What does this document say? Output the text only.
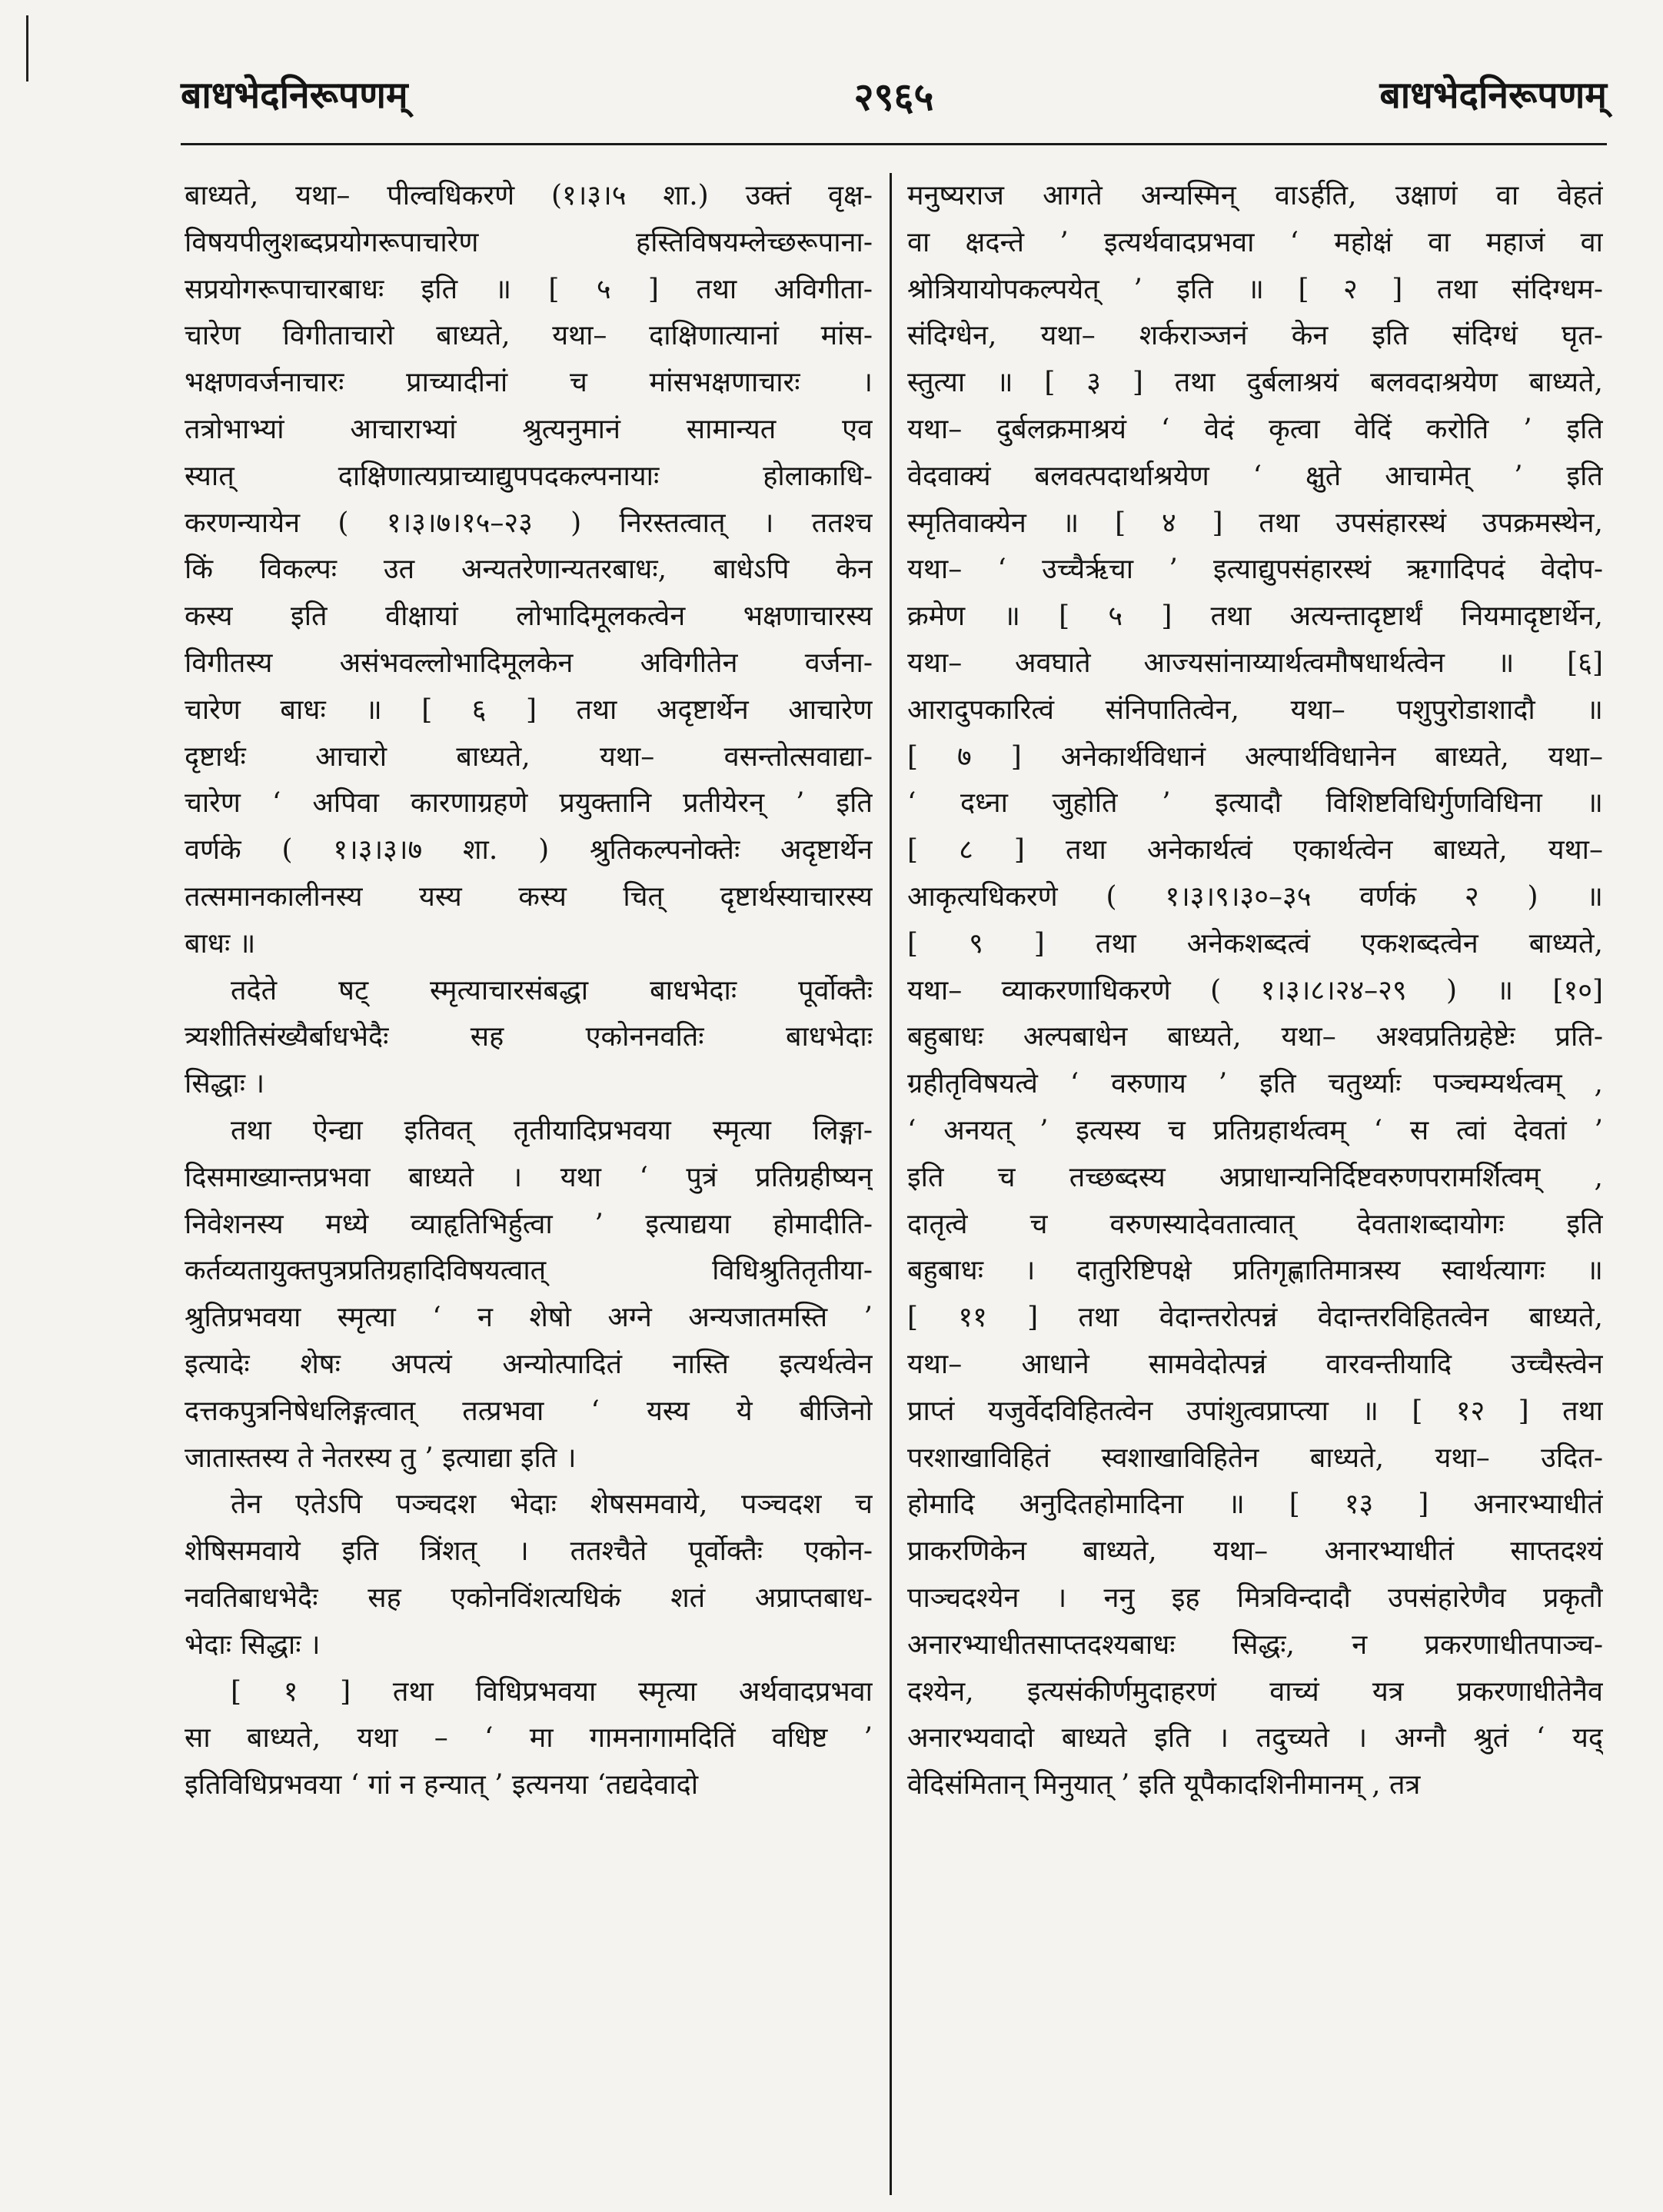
बाधभेदनिरूपणम्	२९६५	बाधभेदनिरूपणम्
बाध्यते, यथा– पील्वधिकरणे (१।३।५ शा.) उक्तं वृक्ष-
विषयपीलुशब्दप्रयोगरूपाचारेण हस्तिविषयम्लेच्छरूपाना-
सप्रयोगरूपाचारबाधः इति ॥ [ ५ ] तथा अविगीता-
चारेण विगीताचारो बाध्यते, यथा– दाक्षिणात्यानां मांस-
भक्षणवर्जनाचारः प्राच्यादीनां च मांसभक्षणाचारः ।
तत्रोभाभ्यां आचाराभ्यां श्रुत्यनुमानं सामान्यत एव
स्यात् दाक्षिणात्यप्राच्याद्युपपदकल्पनायाः होलाकाधि-
करणन्यायेन ( १।३।७।१५–२३ ) निरस्तत्वात् । ततश्च
किं विकल्पः उत अन्यतरेणान्यतरबाधः, बाधेऽपि केन
कस्य इति वीक्षायां लोभादिमूलकत्वेन भक्षणाचारस्य
विगीतस्य असंभवल्लोभादिमूलकेन अविगीतेन वर्जना-
चारेण बाधः ॥ [ ६ ] तथा अदृष्टार्थेन आचारेण
दृष्टार्थः आचारो बाध्यते, यथा– वसन्तोत्सवाद्या-
चारेण ‘ अपिवा कारणाग्रहणे प्रयुक्तानि प्रतीयेरन् ’ इति
वर्णके ( १।३।३।७ शा. ) श्रुतिकल्पनोक्तेः अदृष्टार्थेन
तत्समानकालीनस्य यस्य कस्य चित् दृष्टार्थस्याचारस्य
बाधः ॥
तदेते षट् स्मृत्याचारसंबद्धा बाधभेदाः पूर्वोक्तैः
त्र्यशीतिसंख्यैर्बाधभेदैः सह एकोननवतिः बाधभेदाः
सिद्धाः ।
तथा ऐन्द्या इतिवत् तृतीयादिप्रभवया स्मृत्या लिङ्गा-
दिसमाख्यान्तप्रभवा बाध्यते । यथा ‘ पुत्रं प्रतिग्रहीष्यन्
निवेशनस्य मध्ये व्याहृतिभिर्हुत्वा ’ इत्याद्यया होमादीति-
कर्तव्यतायुक्तपुत्रप्रतिग्रहादिविषयत्वात् विधिश्रुतितृतीया-
श्रुतिप्रभवया स्मृत्या ‘ न शेषो अग्ने अन्यजातमस्ति ’
इत्यादेः शेषः अपत्यं अन्योत्पादितं नास्ति इत्यर्थत्वेन
दत्तकपुत्रनिषेधलिङ्गत्वात् तत्प्रभवा ‘ यस्य ये बीजिनो
जातास्तस्य ते नेतरस्य तु ’ इत्याद्या इति ।
तेन एतेऽपि पञ्चदश भेदाः शेषसमवाये, पञ्चदश च
शेषिसमवाये इति त्रिंशत् । ततश्चैते पूर्वोक्तैः एकोन-
नवतिबाधभेदैः सह एकोनविंशत्यधिकं शतं अप्राप्तबाध-
भेदाः सिद्धाः ।
[ १ ] तथा विधिप्रभवया स्मृत्या अर्थवादप्रभवा
सा बाध्यते, यथा – ‘ मा गामनागामदितिं वधिष्ट ’
इतिविधिप्रभवया ‘ गां न हन्यात् ’ इत्यनया ‘तद्यदेवादो
मनुष्यराज आगते अन्यस्मिन् वाऽर्हति, उक्षाणं वा वेहतं
वा क्षदन्ते ’ इत्यर्थवादप्रभवा ‘ महोक्षं वा महाजं वा
श्रोत्रियायोपकल्पयेत् ’ इति ॥ [ २ ] तथा संदिग्धम-
संदिग्धेन, यथा– शर्कराञ्जनं केन इति संदिग्धं घृत-
स्तुत्या ॥ [ ३ ] तथा दुर्बलाश्रयं बलवदाश्रयेण बाध्यते,
यथा– दुर्बलक्रमाश्रयं ‘ वेदं कृत्वा वेदिं करोति ’ इति
वेदवाक्यं बलवत्पदार्थाश्रयेण ‘ क्षुते आचामेत् ’ इति
स्मृतिवाक्येन ॥ [ ४ ] तथा उपसंहारस्थं उपक्रमस्थेन,
यथा– ‘ उच्चैर्ऋचा ’ इत्याद्युपसंहारस्थं ऋगादिपदं वेदोप-
क्रमेण ॥ [ ५ ] तथा अत्यन्तादृष्टार्थं नियमादृष्टार्थेन,
यथा– अवघाते आज्यसांनाय्यार्थत्वमौषधार्थत्वेन ॥ [६]
आरादुपकारित्वं संनिपातित्वेन, यथा– पशुपुरोडाशादौ ॥
[ ७ ] अनेकार्थविधानं अल्पार्थविधानेन बाध्यते, यथा–
‘ दध्ना जुहोति ’ इत्यादौ विशिष्टविधिर्गुणविधिना ॥
[ ८ ] तथा अनेकार्थत्वं एकार्थत्वेन बाध्यते, यथा–
आकृत्यधिकरणे ( १।३।९।३०–३५ वर्णकं २ ) ॥
[ ९ ] तथा अनेकशब्दत्वं एकशब्दत्वेन बाध्यते,
यथा– व्याकरणाधिकरणे ( १।३।८।२४–२९ ) ॥ [१०]
बहुबाधः अल्पबाधेन बाध्यते, यथा– अश्वप्रतिग्रहेष्टेः प्रति-
ग्रहीतृविषयत्वे ‘ वरुणाय ’ इति चतुर्थ्याः पञ्चम्यर्थत्वम् ,
‘ अनयत् ’ इत्यस्य च प्रतिग्रहार्थत्वम् ‘ स त्वां देवतां ’
इति च तच्छब्दस्य अप्राधान्यनिर्दिष्टवरुणपरामर्शित्वम् ,
दातृत्वे च वरुणस्यादेवतात्वात् देवताशब्दायोगः इति
बहुबाधः । दातुरिष्टिपक्षे प्रतिगृह्णातिमात्रस्य स्वार्थत्यागः ॥
[ ११ ] तथा वेदान्तरोत्पन्नं वेदान्तरविहितत्वेन बाध्यते,
यथा– आधाने सामवेदोत्पन्नं वारवन्तीयादि उच्चैस्त्वेन
प्राप्तं यजुर्वेदविहितत्वेन उपांशुत्वप्राप्त्या ॥ [ १२ ] तथा
परशाखाविहितं स्वशाखाविहितेन बाध्यते, यथा– उदित-
होमादि अनुदितहोमादिना ॥ [ १३ ] अनारभ्याधीतं
प्राकरणिकेन बाध्यते, यथा– अनारभ्याधीतं साप्तदश्यं
पाञ्चदश्येन । ननु इह मित्रविन्दादौ उपसंहारेणैव प्रकृतौ
अनारभ्याधीतसाप्तदश्यबाधः सिद्धः, न प्रकरणाधीतपाञ्च-
दश्येन, इत्यसंकीर्णमुदाहरणं वाच्यं यत्र प्रकरणाधीतेनैव
अनारभ्यवादो बाध्यते इति । तदुच्यते । अग्नौ श्रुतं ‘ यद्
वेदिसंमितान् मिनुयात् ’ इति यूपैकादशिनीमानम् , तत्र
